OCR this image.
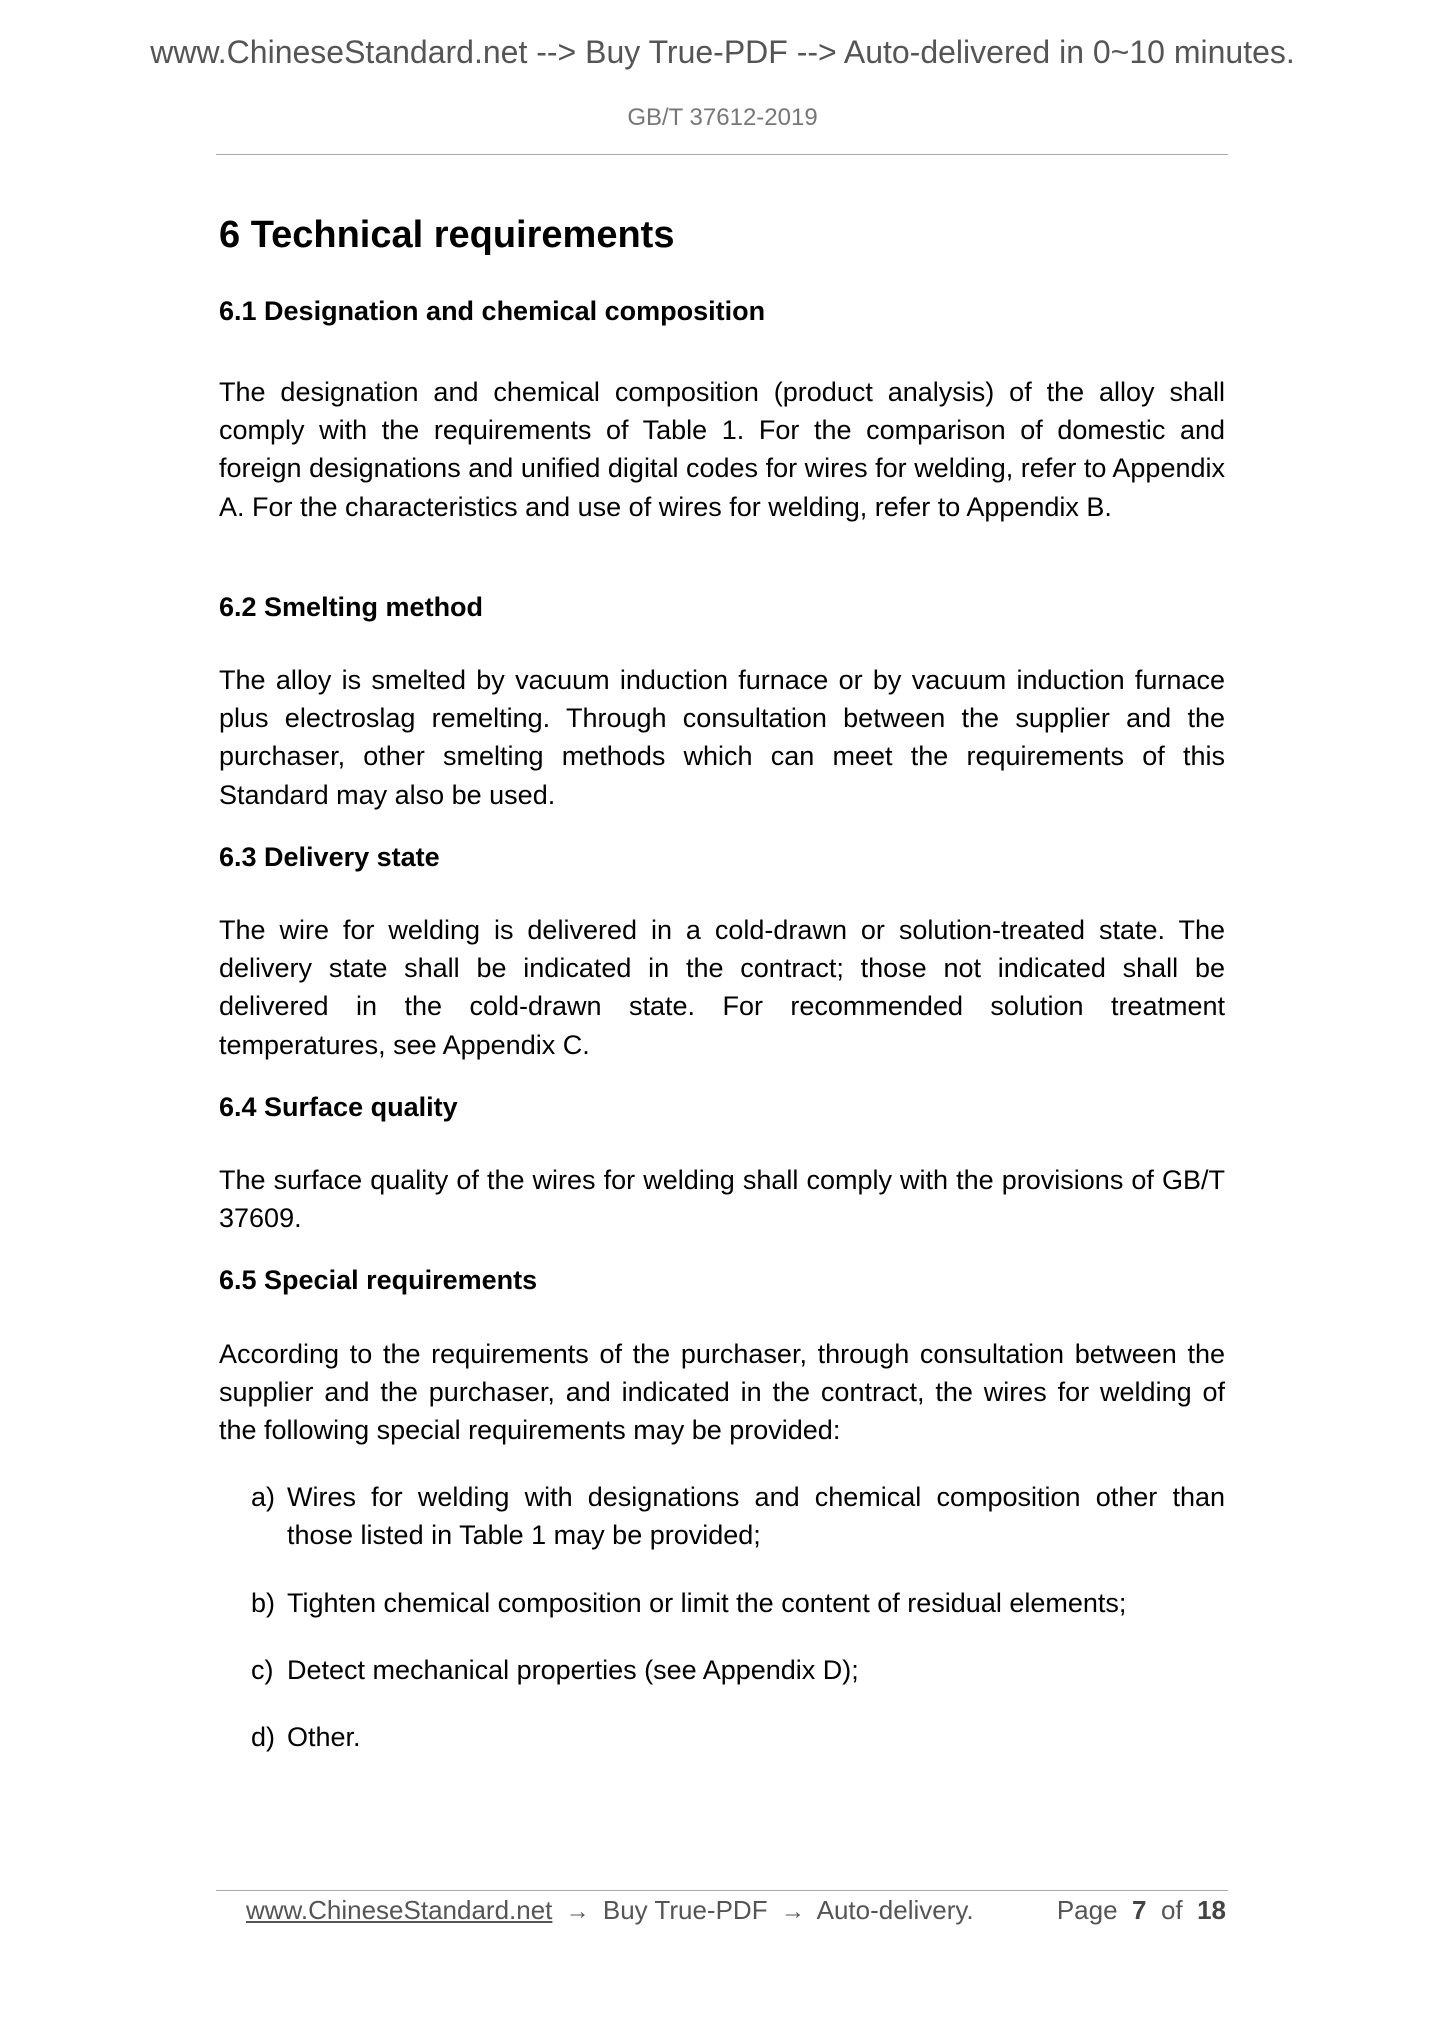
www.ChineseStandard.net --> Buy True-PDF --> Auto-delivered in 0~10 minutes.
GB/T 37612-2019
6 Technical requirements
6.1 Designation and chemical composition
The designation and chemical composition (product analysis) of the alloy shall comply with the requirements of Table 1. For the comparison of domestic and foreign designations and unified digital codes for wires for welding, refer to Appendix A. For the characteristics and use of wires for welding, refer to Appendix B.
6.2 Smelting method
The alloy is smelted by vacuum induction furnace or by vacuum induction furnace plus electroslag remelting. Through consultation between the supplier and the purchaser, other smelting methods which can meet the requirements of this Standard may also be used.
6.3 Delivery state
The wire for welding is delivered in a cold-drawn or solution-treated state. The delivery state shall be indicated in the contract; those not indicated shall be delivered in the cold-drawn state. For recommended solution treatment temperatures, see Appendix C.
6.4 Surface quality
The surface quality of the wires for welding shall comply with the provisions of GB/T 37609.
6.5 Special requirements
According to the requirements of the purchaser, through consultation between the supplier and the purchaser, and indicated in the contract, the wires for welding of the following special requirements may be provided:
a) Wires for welding with designations and chemical composition other than those listed in Table 1 may be provided;
b) Tighten chemical composition or limit the content of residual elements;
c) Detect mechanical properties (see Appendix D);
d) Other.
www.ChineseStandard.net → Buy True-PDF → Auto-delivery.	Page 7 of 18
